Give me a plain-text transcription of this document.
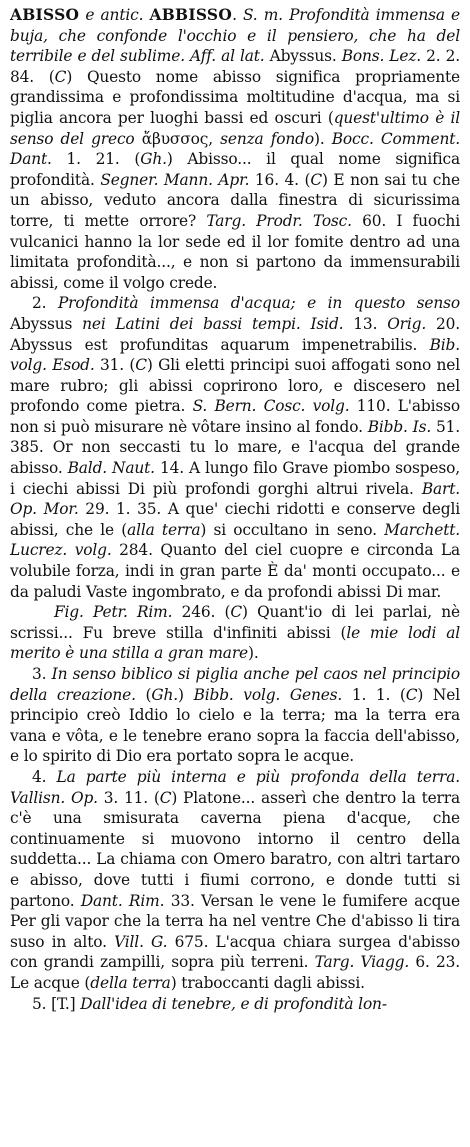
ABISSO e antic. ABBISSO. S. m. Profondità immensa e buja, che confonde l'occhio e il pensiero, che ha del terribile e del sublime. Aff. al lat. Abyssus. Bons. Lez. 2. 2. 84. (C) Questo nome abisso significa propriamente grandissima e profondissima moltitudine d'acqua, ma si piglia ancora per luoghi bassi ed oscuri (quest'ultimo è il senso del greco ἄβυσσος, senza fondo). Bocc. Comment. Dant. 1. 21. (Gh.) Abisso... il qual nome significa profondità. Segner. Mann. Apr. 16. 4. (C) E non sai tu che un abisso, veduto ancora dalla finestra di sicurissima torre, ti mette orrore? Targ. Prodr. Tosc. 60. I fuochi vulcanici hanno la lor sede ed il lor fomite dentro ad una limitata profondità..., e non si partono da immensurabili abissi, come il volgo crede.

2. Profondità immensa d'acqua; e in questo senso Abyssus nei Latini dei bassi tempi. Isid. 13. Orig. 20. Abyssus est profunditas aquarum impenetrabilis. Bib. volg. Esod. 31. (C) Gli eletti principi suoi affogati sono nel mare rubro; gli abissi coprirono loro, e discesero nel profondo come pietra. S. Bern. Cosc. volg. 110. L'abisso non si può misurare nè vôtare insino al fondo. Bibb. Is. 51. 385. Or non seccasti tu lo mare, e l'acqua del grande abisso. Bald. Naut. 14. A lungo filo Grave piombo sospeso, i ciechi abissi Di più profondi gorghi altrui rivela. Bart. Op. Mor. 29. 1. 35. A que' ciechi ridotti e conserve degli abissi, che le (alla terra) si occultano in seno. Marchett. Lucrez. volg. 284. Quanto del ciel cuopre e circonda La volubile forza, indi in gran parte È da' monti occupato... e da paludi Vaste ingombrato, e da profondi abissi Di mar.

Fig. Petr. Rim. 246. (C) Quant'io di lei parlai, nè scrissi... Fu breve stilla d'infiniti abissi (le mie lodi al merito è una stilla a gran mare).

3. In senso biblico si piglia anche pel caos nel principio della creazione. (Gh.) Bibb. volg. Genes. 1. 1. (C) Nel principio creò Iddio lo cielo e la terra; ma la terra era vana e vôta, e le tenebre erano sopra la faccia dell'abisso, e lo spirito di Dio era portato sopra le acque.

4. La parte più interna e più profonda della terra. Vallisn. Op. 3. 11. (C) Platone... asserì che dentro la terra c'è una smisurata caverna piena d'acque, che continuamente si muovono intorno il centro della suddetta... La chiama con Omero baratro, con altri tartaro e abisso, dove tutti i fiumi corrono, e donde tutti si partono. Dant. Rim. 33. Versan le vene le fumifere acque Per gli vapor che la terra ha nel ventre Che d'abisso li tira suso in alto. Vill. G. 675. L'acqua chiara surgea d'abisso con grandi zampilli, sopra più terreni. Targ. Viagg. 6. 23. Le acque (della terra) traboccanti dagli abissi.

5. [T.] Dall'idea di tenebre, e di profondità lon-
